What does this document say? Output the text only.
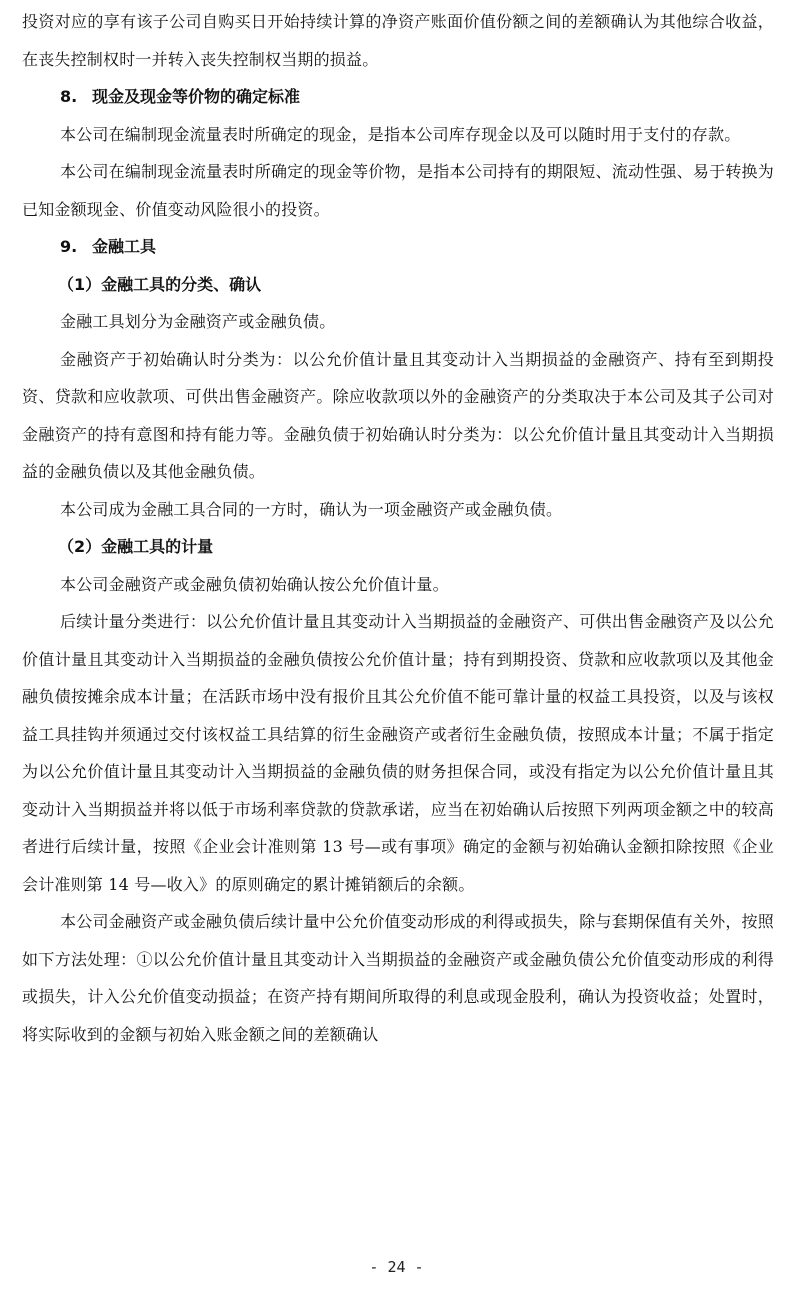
投资对应的享有该子公司自购买日开始持续计算的净资产账面价值份额之间的差额确认为其他综合收益，在丧失控制权时一并转入丧失控制权当期的损益。

8. 现金及现金等价物的确定标准

本公司在编制现金流量表时所确定的现金，是指本公司库存现金以及可以随时用于支付的存款。

本公司在编制现金流量表时所确定的现金等价物，是指本公司持有的期限短、流动性强、易于转换为已知金额现金、价值变动风险很小的投资。

9. 金融工具
（1）金融工具的分类、确认

金融工具划分为金融资产或金融负债。

金融资产于初始确认时分类为：以公允价值计量且其变动计入当期损益的金融资产、持有至到期投资、贷款和应收款项、可供出售金融资产。除应收款项以外的金融资产的分类取决于本公司及其子公司对金融资产的持有意图和持有能力等。金融负债于初始确认时分类为：以公允价值计量且其变动计入当期损益的金融负债以及其他金融负债。

本公司成为金融工具合同的一方时，确认为一项金融资产或金融负债。

（2）金融工具的计量

本公司金融资产或金融负债初始确认按公允价值计量。

后续计量分类进行：以公允价值计量且其变动计入当期损益的金融资产、可供出售金融资产及以公允价值计量且其变动计入当期损益的金融负债按公允价值计量；持有到期投资、贷款和应收款项以及其他金融负债按摊余成本计量；在活跃市场中没有报价且其公允价值不能可靠计量的权益工具投资，以及与该权益工具挂钩并须通过交付该权益工具结算的衍生金融资产或者衍生金融负债，按照成本计量；不属于指定为以公允价值计量且其变动计入当期损益的金融负债的财务担保合同，或没有指定为以公允价值计量且其变动计入当期损益并将以低于市场利率贷款的贷款承诺，应当在初始确认后按照下列两项金额之中的较高者进行后续计量，按照《企业会计准则第 13 号—或有事项》确定的金额与初始确认金额扣除按照《企业会计准则第 14 号—收入》的原则确定的累计摊销额后的余额。

本公司金融资产或金融负债后续计量中公允价值变动形成的利得或损失，除与套期保值有关外，按照如下方法处理：①以公允价值计量且其变动计入当期损益的金融资产或金融负债公允价值变动形成的利得或损失，计入公允价值变动损益；在资产持有期间所取得的利息或现金股利，确认为投资收益；处置时，将实际收到的金额与初始入账金额之间的差额确认

- 24 -
